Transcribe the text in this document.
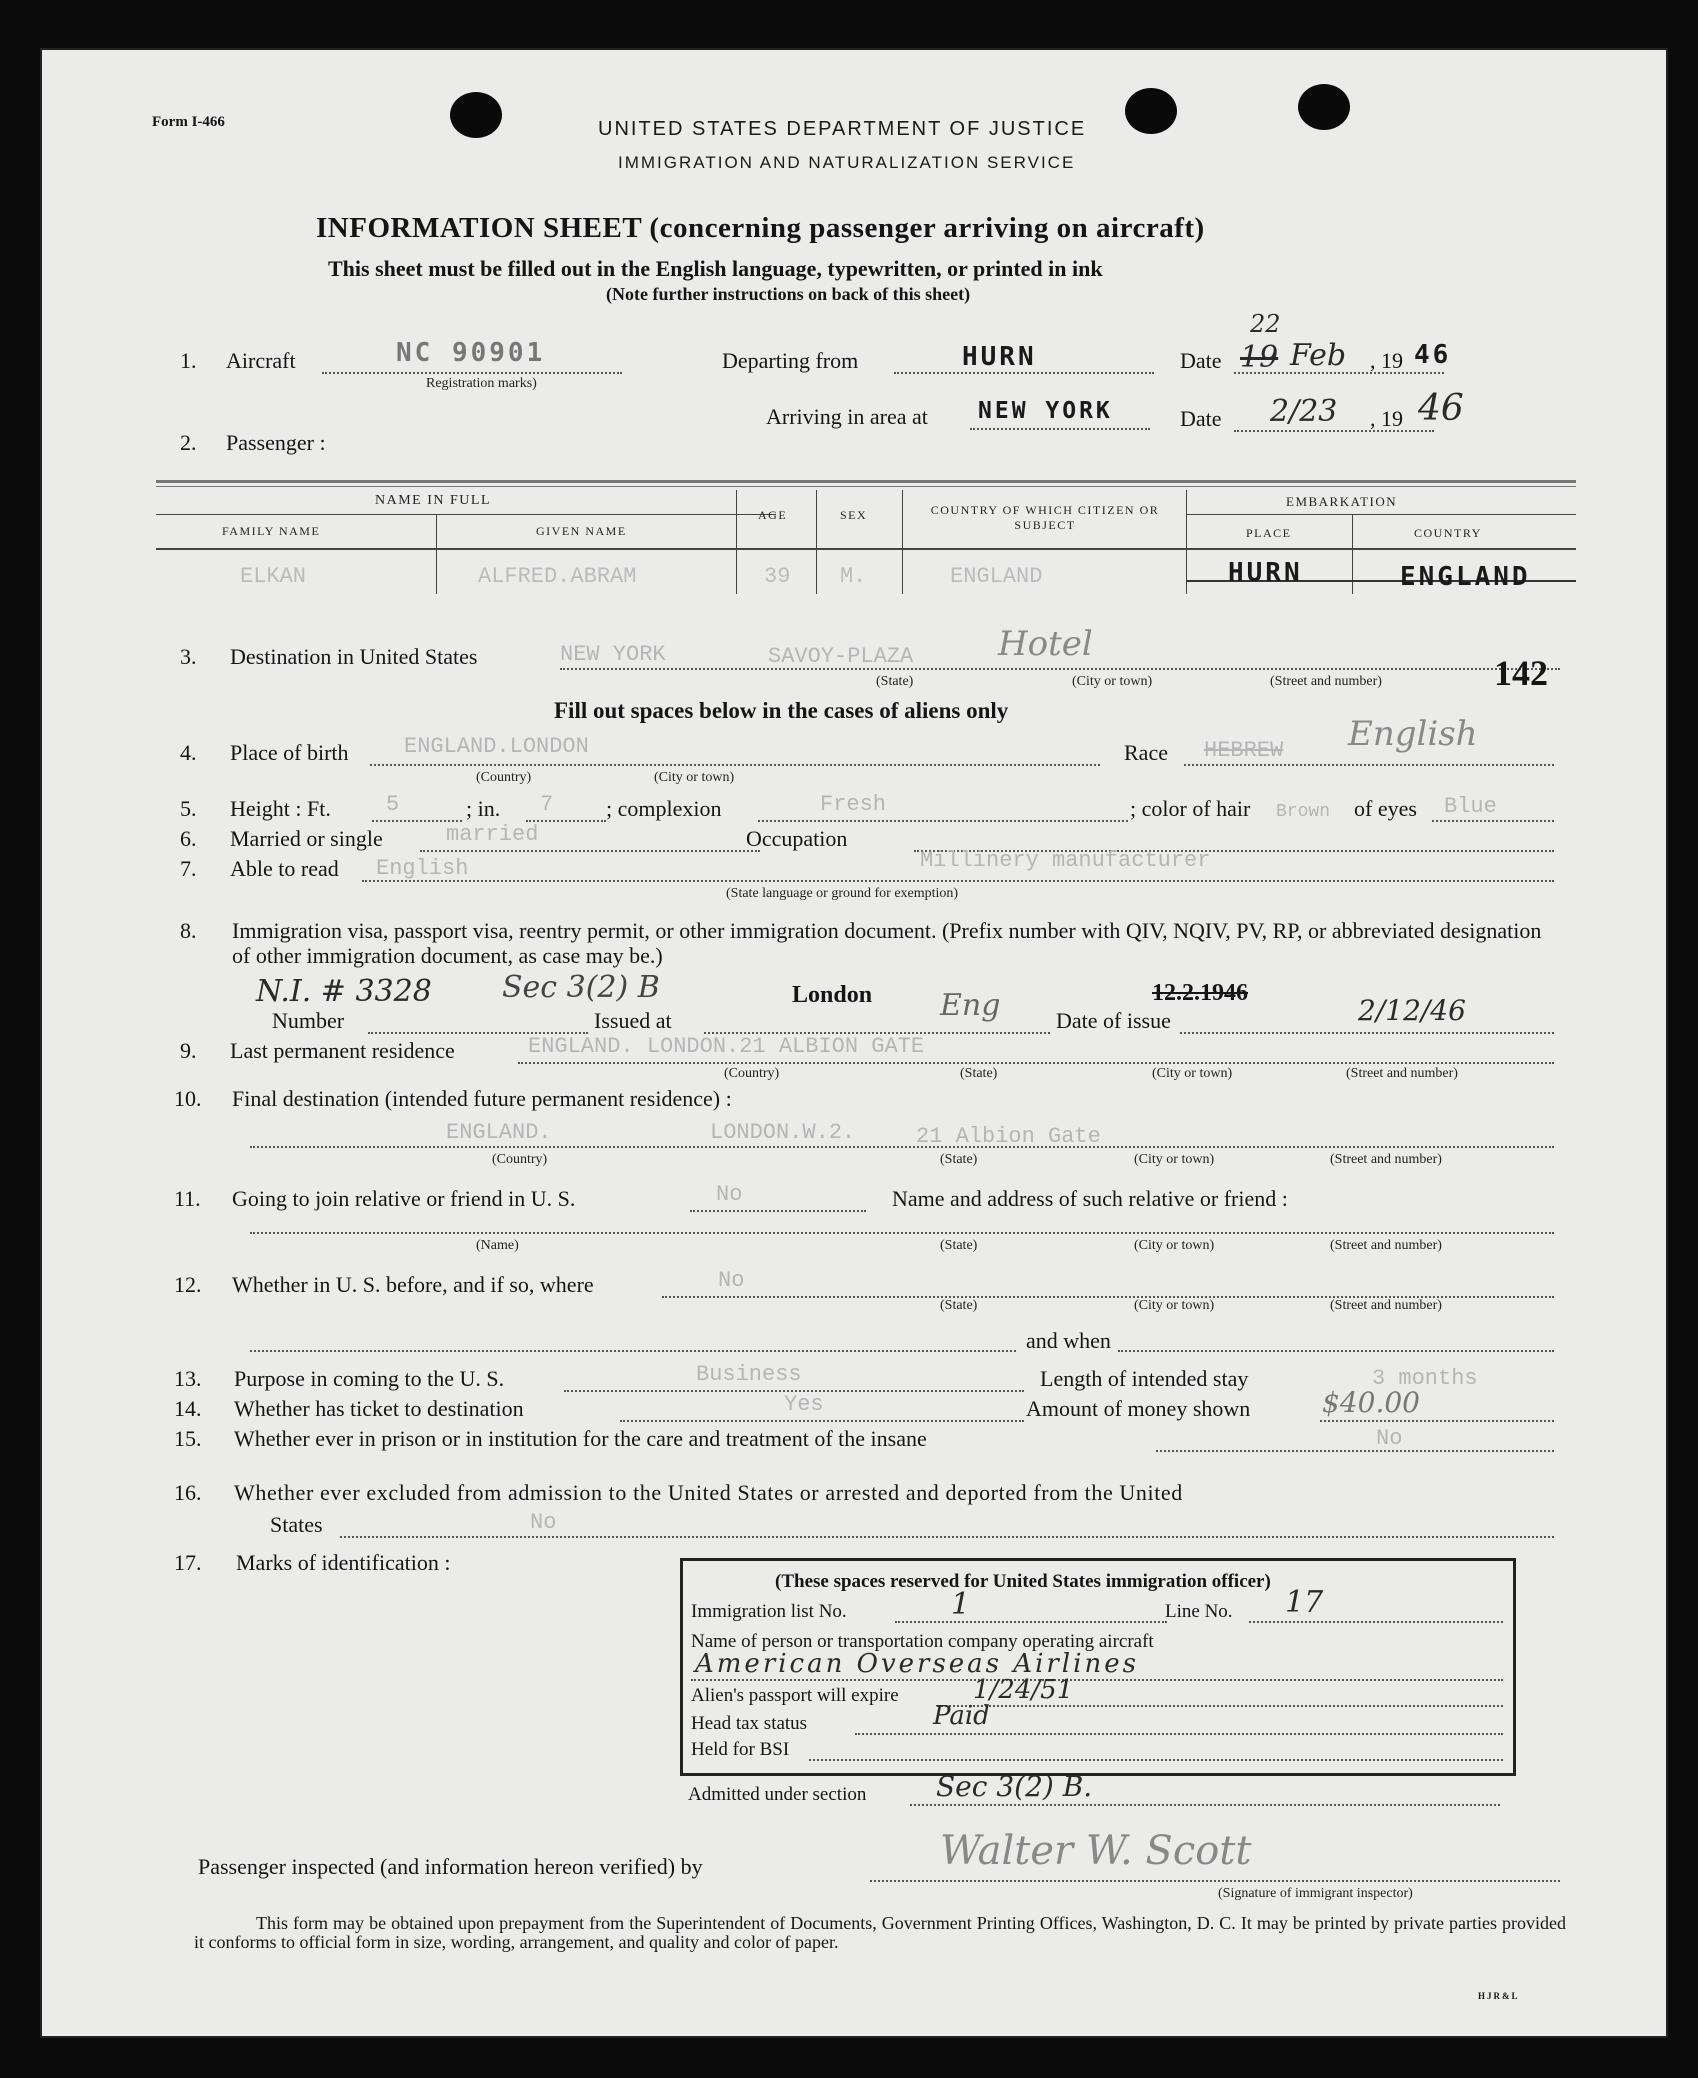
Form I-466	UNITED STATES DEPARTMENT OF JUSTICE
IMMIGRATION AND NATURALIZATION SERVICE
INFORMATION SHEET (concerning passenger arriving on aircraft)
This sheet must be filled out in the English language, typewritten, or printed in ink
(Note further instructions on back of this sheet)
1. Aircraft	NC 90901
Registration marks)
Departing from	HURN	Date 19
22
Feb , 19 46
Arriving in area at NEW YORK	Date 2/23 , 19 46
2. Passenger :
NAME IN FULL
FAMILY NAME	GIVEN NAME
AGE	SEX	COUNTRY OF WHICH CITIZEN OR SUBJECT
EMBARKATION
PLACE	COUNTRY
ELKAN	ALFRED.ABRAM	39 M.	ENGLAND	HURN	ENGLAND
3. Destination in United States	NEW YORK	SAVOY-PLAZA Hotel
(State)	(City or town)	(Street and number)	142
Fill out spaces below in the cases of aliens only
4. Place of birth	ENGLAND.LONDON
(Country)	(City or town)
Race HEBREW English
5. Height : Ft.	5	; in. 7 ; complexion	Fresh	; color of hair Brown of eyes Blue
6. Married or single	married	Occupation
Millinery manufacturer
7. Able to read English
(State language or ground for exemption)
8. Immigration visa, passport visa, reentry permit, or other immigration document. (Prefix number with QIV, NQIV, PV, RP, or abbreviated designation of other immigration document, as case may be.)
N.I. # 3328 Sec 3(2) B	London Eng	12.2.1946
2/12/46
Number	Issued at	Date of issue
9. Last permanent residence	ENGLAND. LONDON.21 ALBION GATE
(Country)	(State)	(City or town)	(Street and number)
10. Final destination (intended future permanent residence) :
ENGLAND.	LONDON.W.2.	21 Albion Gate
(Country)	(State)	(City or town)	(Street and number)
11. Going to join relative or friend in U. S.	No	Name and address of such relative or friend :
(Name)	(State)	(City or town)	(Street and number)
12. Whether in U. S. before, and if so, where	No
(State)	(City or town)	(Street and number)
and when
13. Purpose in coming to the U. S.	Business	Length of intended stay	3 months
14. Whether has ticket to destination	Yes	Amount of money shown	$40.00
15. Whether ever in prison or in institution for the care and treatment of the insane	No
16. Whether ever excluded from admission to the United States or arrested and deported from the United
States	No
17. Marks of identification :
(These spaces reserved for United States immigration officer)
Immigration list No.	1	Line No. 17
Name of person or transportation company operating aircraft
American Overseas Airlines
Alien's passport will expire	1/24/51
Head tax status	Paid
Held for BSI
Admitted under section Sec 3(2) B.
Passenger inspected (and information hereon verified) by	Walter W. Scott
(Signature of immigrant inspector)
This form may be obtained upon prepayment from the Superintendent of Documents, Government Printing Offices, Washington, D. C. It may be printed by private parties provided it conforms to official form in size, wording, arrangement, and quality and color of paper.
HJR&L
